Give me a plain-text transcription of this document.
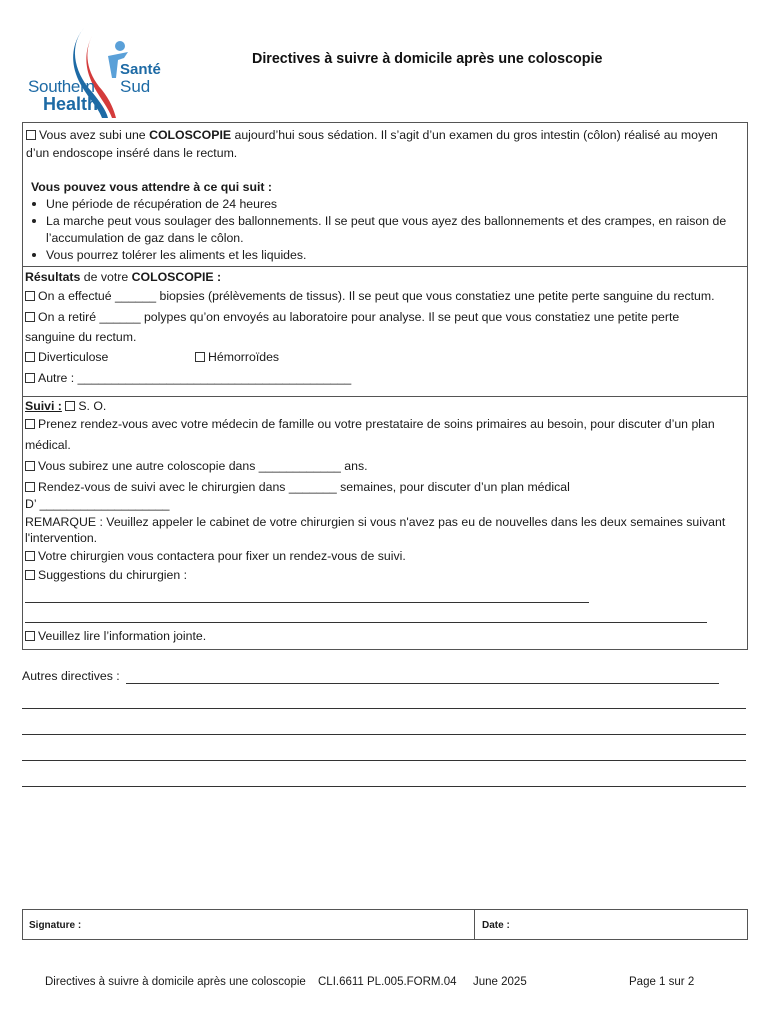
Southern
Health
Santé
Sud
Directives à suivre à domicile après une coloscopie
Vous avez subi une COLOSCOPIE aujourd’hui sous sédation. Il s’agit d’un examen du gros intestin (côlon) réalisé au moyen
d’un endoscope inséré dans le rectum.
Vous pouvez vous attendre à ce qui suit :
Une période de récupération de 24 heures
La marche peut vous soulager des ballonnements. Il se peut que vous ayez des ballonnements et des crampes, en raison de
l’accumulation de gaz dans le côlon.
Vous pourrez tolérer les aliments et les liquides.
Résultats de votre COLOSCOPIE :
On a effectué ______ biopsies (prélèvements de tissus). Il se peut que vous constatiez une petite perte sanguine du rectum.
On a retiré ______ polypes qu’on envoyés au laboratoire pour analyse. Il se peut que vous constatiez une petite perte
sanguine du rectum.
Diverticulose	Hémorroïdes
Autre : ________________________________________
Suivi : S. O.
Prenez rendez-vous avec votre médecin de famille ou votre prestataire de soins primaires au besoin, pour discuter d’un plan
médical.
Vous subirez une autre coloscopie dans ____________ ans.
Rendez-vous de suivi avec le chirurgien dans _______ semaines, pour discuter d’un plan médical
D’ ___________________
REMARQUE : Veuillez appeler le cabinet de votre chirurgien si vous n'avez pas eu de nouvelles dans les deux semaines suivant
l'intervention.
Votre chirurgien vous contactera pour fixer un rendez-vous de suivi.
Suggestions du chirurgien :
Veuillez lire l’information jointe.
Autres directives :
Signature :	Date :
Directives à suivre à domicile après une coloscopie CLI.6611 PL.005.FORM.04 June 2025	Page 1 sur 2
